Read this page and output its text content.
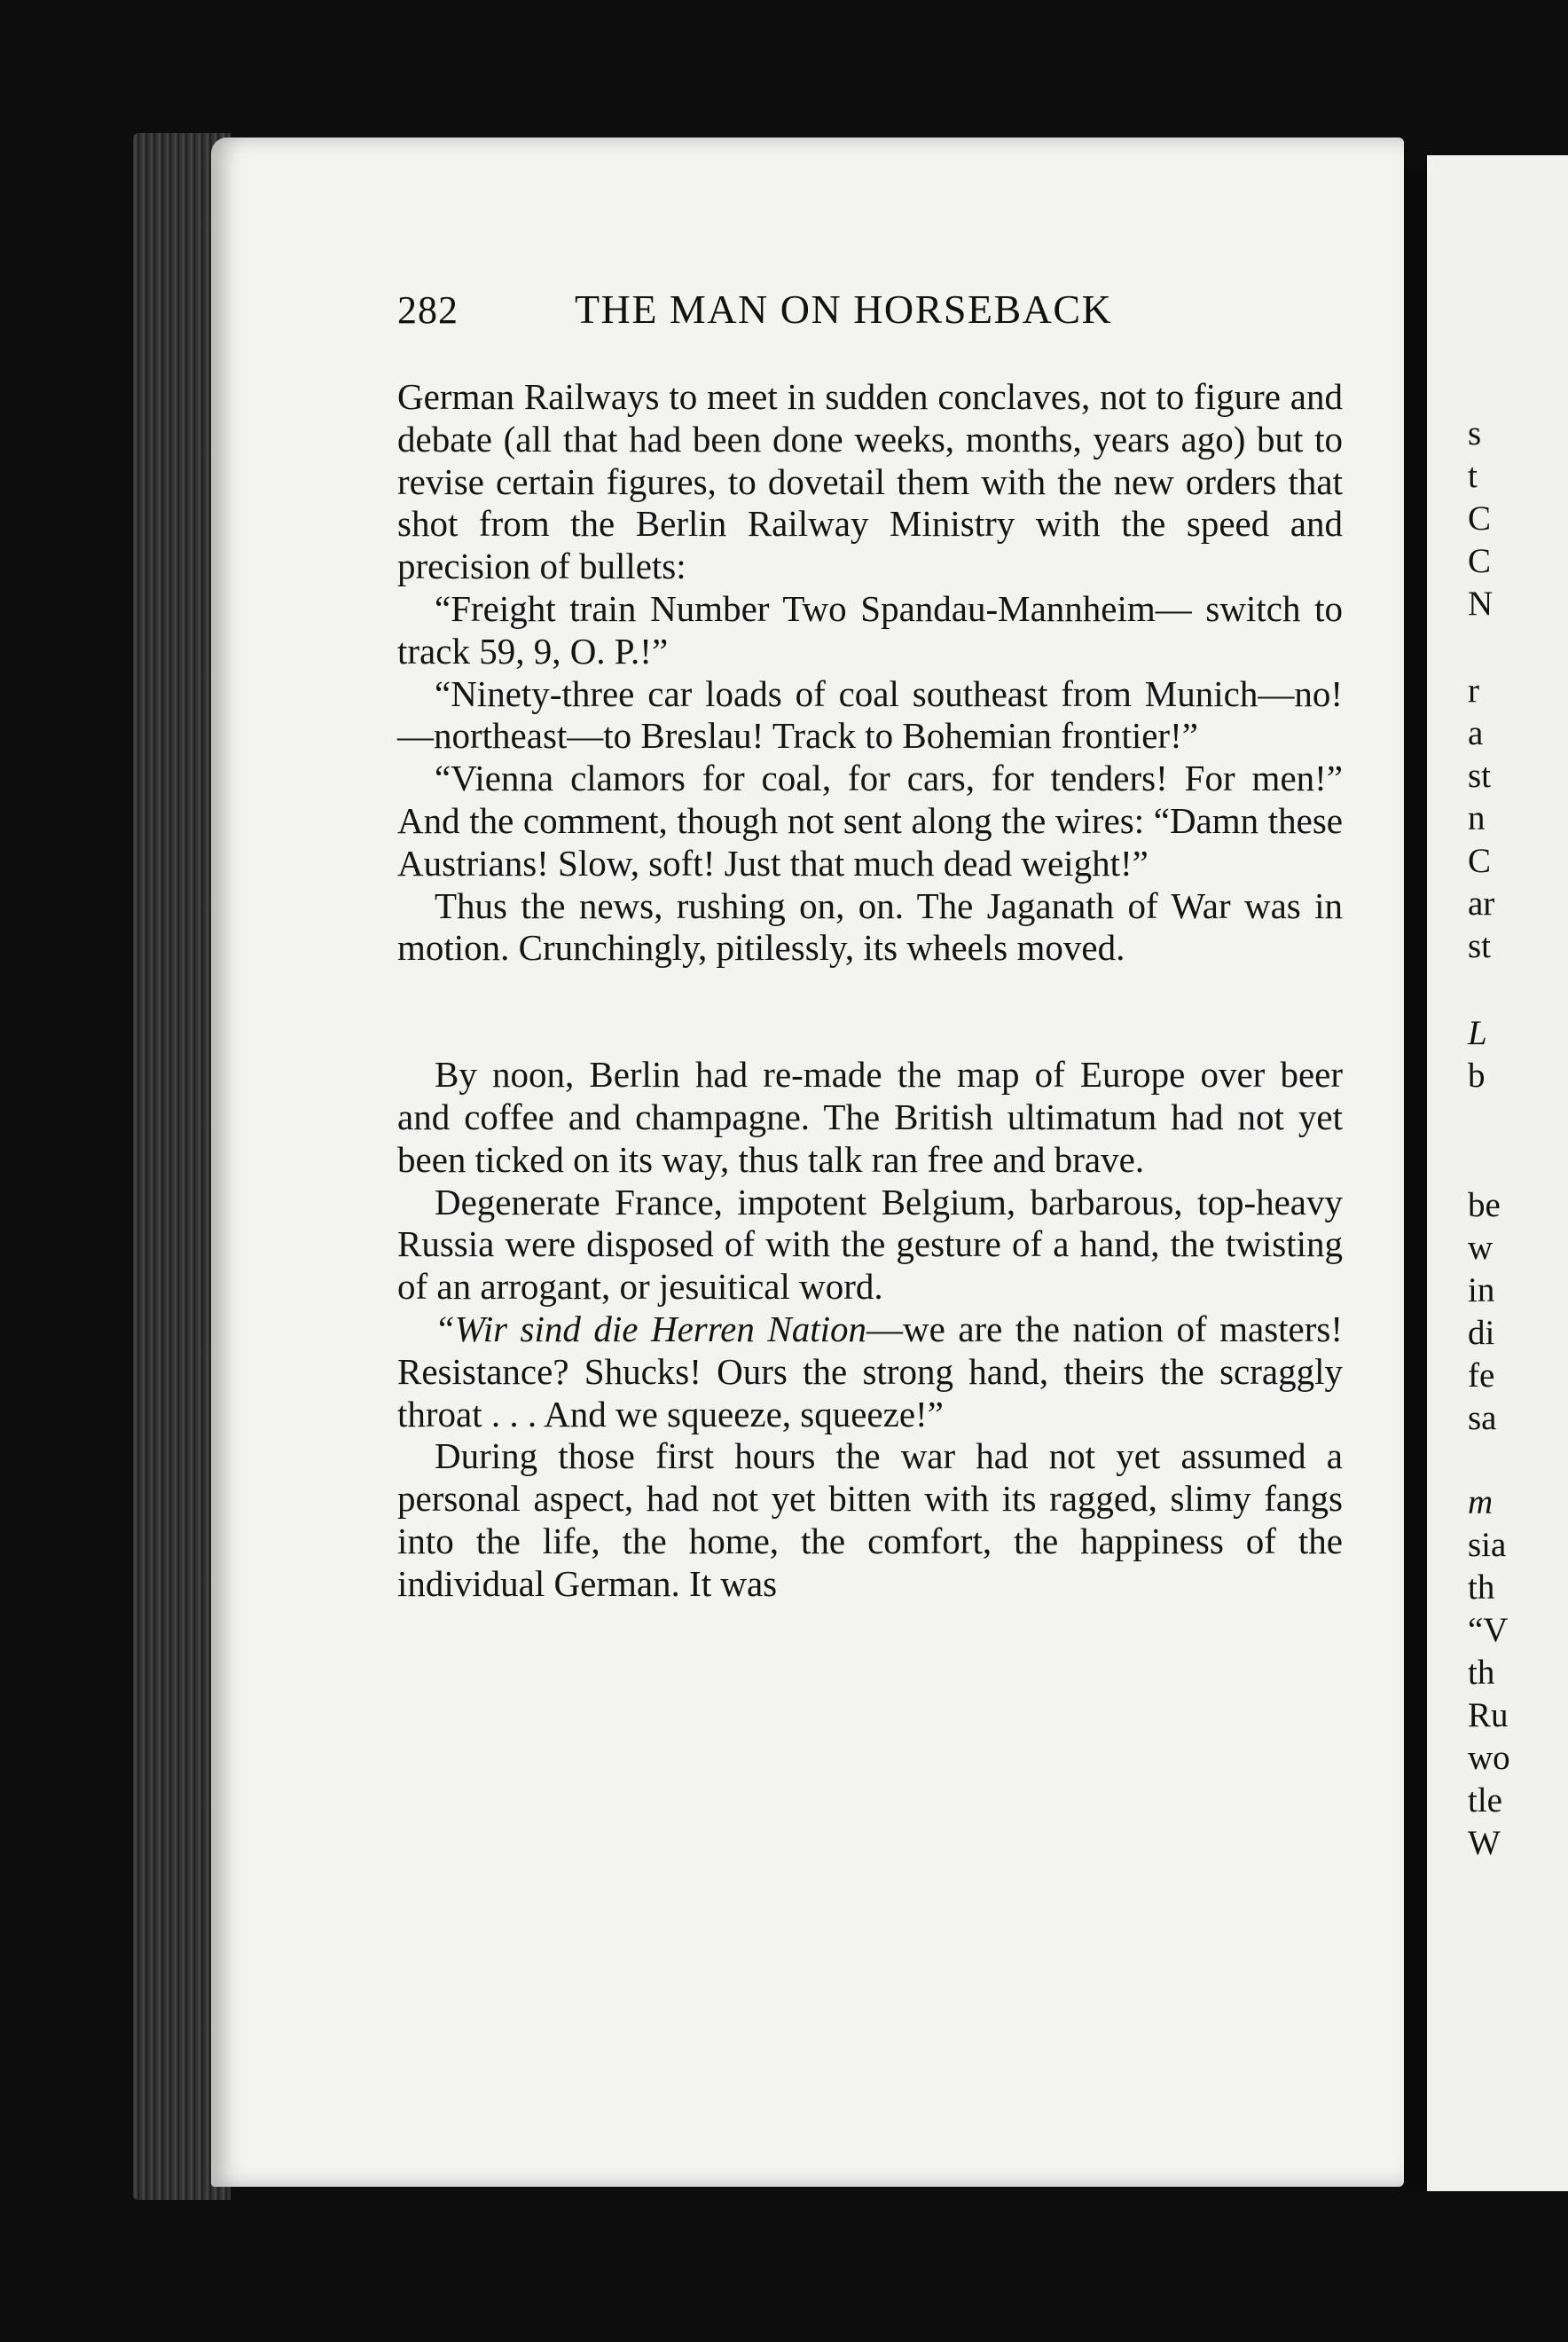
282	THE MAN ON HORSEBACK

German Railways to meet in sudden conclaves, not to figure and debate (all that had been done weeks, months, years ago) but to revise certain figures, to dovetail them with the new orders that shot from the Berlin Railway Ministry with the speed and precision of bullets:

“Freight train Number Two Spandau-Mannheim— switch to track 59, 9, O. P.!”

“Ninety-three car loads of coal southeast from Munich—no!—northeast—to Breslau! Track to Bohemian frontier!”

“Vienna clamors for coal, for cars, for tenders! For men!” And the comment, though not sent along the wires: “Damn these Austrians! Slow, soft! Just that much dead weight!”

Thus the news, rushing on, on. The Jaganath of War was in motion. Crunchingly, pitilessly, its wheels moved.

By noon, Berlin had re-made the map of Europe over beer and coffee and champagne. The British ultimatum had not yet been ticked on its way, thus talk ran free and brave.

Degenerate France, impotent Belgium, barbarous, top-heavy Russia were disposed of with the gesture of a hand, the twisting of an arrogant, or jesuitical word.

“Wir sind die Herren Nation—we are the nation of masters! Resistance? Shucks! Ours the strong hand, theirs the scraggly throat . . . And we squeeze, squeeze!”

During those first hours the war had not yet assumed a personal aspect, had not yet bitten with its ragged, slimy fangs into the life, the home, the comfort, the happiness of the individual German. It was

s
t
C
C
N
r
a
st
n
C
ar
st
L
b
be
w
in
di
fe
sa
m
sia
th
“V
th
Ru
wo
tle
W
